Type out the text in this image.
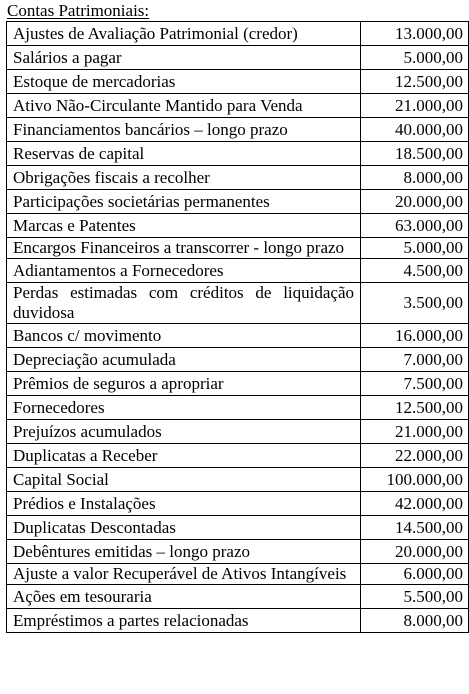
Contas Patrimoniais:
Ajustes de Avaliação Patrimonial (credor)	13.000,00
Salários a pagar	5.000,00
Estoque de mercadorias	12.500,00
Ativo Não-Circulante Mantido para Venda	21.000,00
Financiamentos bancários – longo prazo	40.000,00
Reservas de capital	18.500,00
Obrigações fiscais a recolher	8.000,00
Participações societárias permanentes	20.000,00
Marcas e Patentes	63.000,00
Encargos Financeiros a transcorrer - longo prazo	5.000,00
Adiantamentos a Fornecedores	4.500,00
Perdas estimadas com créditos de liquidação duvidosa	3.500,00
Bancos c/ movimento	16.000,00
Depreciação acumulada	7.000,00
Prêmios de seguros a apropriar	7.500,00
Fornecedores	12.500,00
Prejuízos acumulados	21.000,00
Duplicatas a Receber	22.000,00
Capital Social	100.000,00
Prédios e Instalações	42.000,00
Duplicatas Descontadas	14.500,00
Debêntures emitidas – longo prazo	20.000,00
Ajuste a valor Recuperável de Ativos Intangíveis	6.000,00
Ações em tesouraria	5.500,00
Empréstimos a partes relacionadas	8.000,00
